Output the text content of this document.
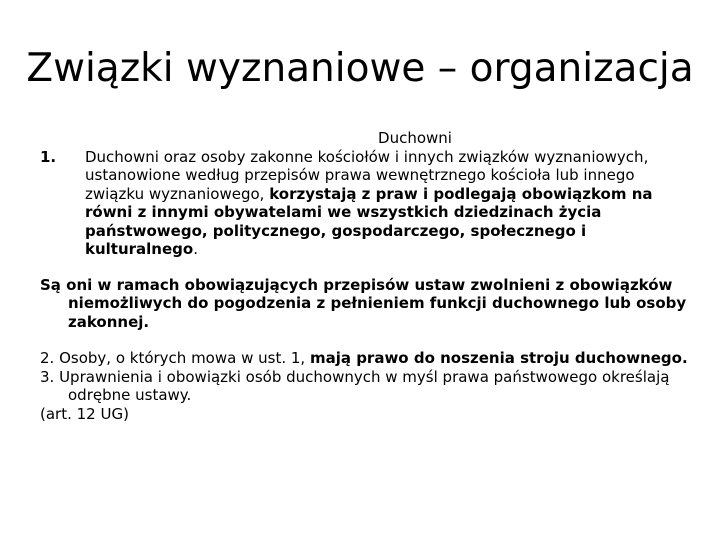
Związki wyznaniowe – organizacja

Duchowni

1.	Duchowni oraz osoby zakonne kościołów i innych związków wyznaniowych, ustanowione według przepisów prawa wewnętrznego kościoła lub innego związku wyznaniowego, korzystają z praw i podlegają obowiązkom na równi z innymi obywatelami we wszystkich dziedzinach życia państwowego, politycznego, gospodarczego, społecznego i kulturalnego.

Są oni w ramach obowiązujących przepisów ustaw zwolnieni z obowiązków niemożliwych do pogodzenia z pełnieniem funkcji duchownego lub osoby zakonnej.

2. Osoby, o których mowa w ust. 1, mają prawo do noszenia stroju duchownego.

3. Uprawnienia i obowiązki osób duchownych w myśl prawa państwowego określają odrębne ustawy.

(art. 12 UG)
